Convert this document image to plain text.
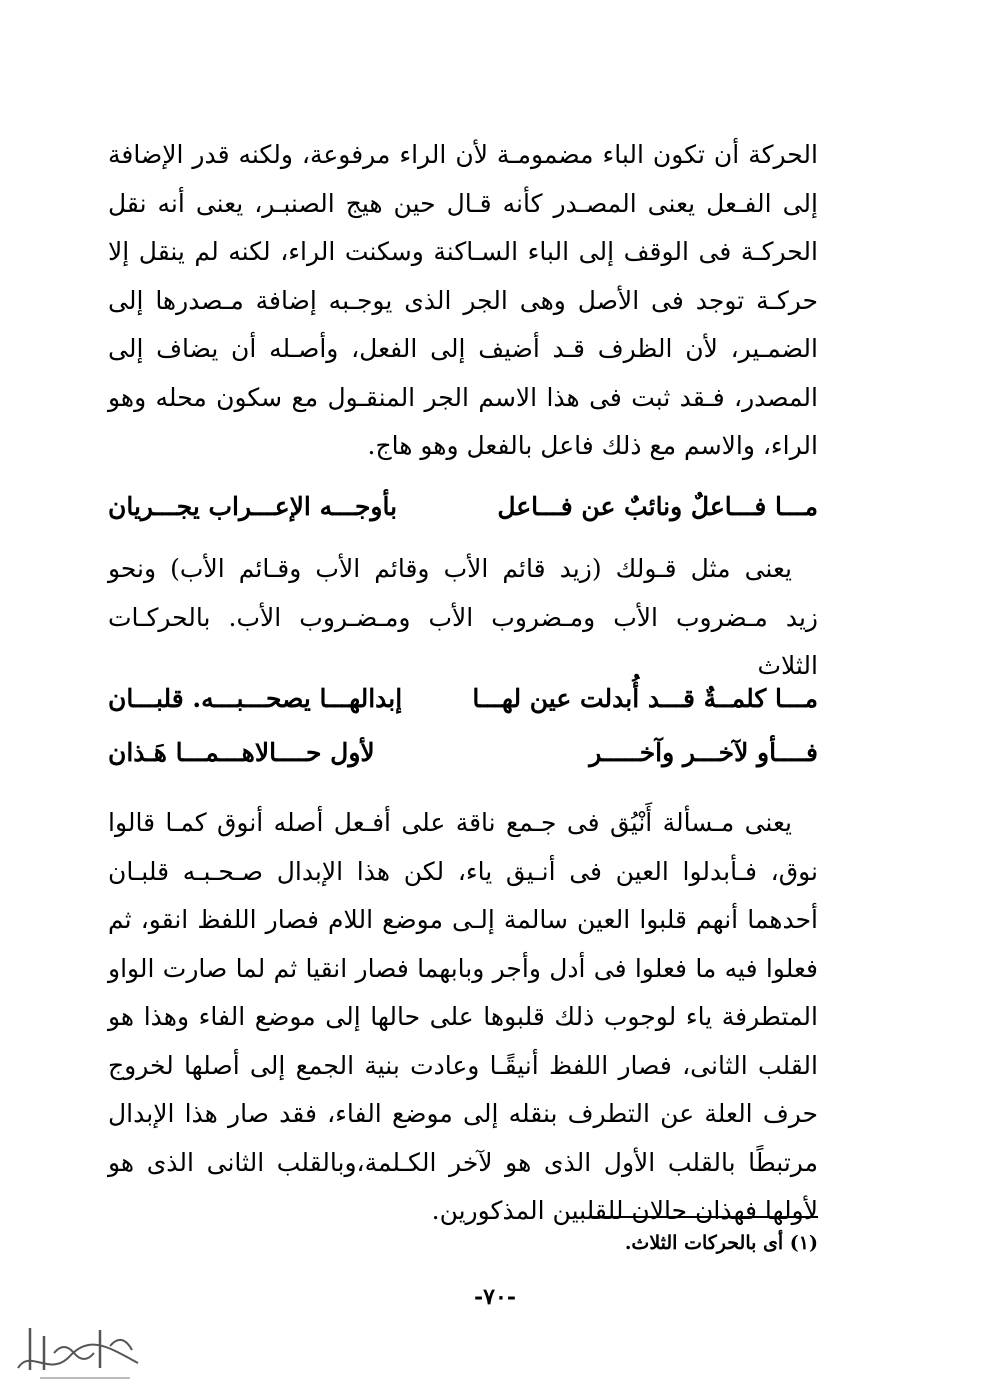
الحركة أن تكون الباء مضمومـة لأن الراء مرفوعة، ولكنه قدر الإضافة
إلى الفـعل يعنى المصـدر كأنه قـال حين هيج الصنبـر، يعنى أنه نقل
الحركـة فى الوقف إلى الباء السـاكنة وسكنت الراء، لكنه لم ينقل إلا
حركـة توجد فى الأصل وهى الجر الذى يوجـبه إضافة مـصدرها إلى
الضمـير، لأن الظرف قـد أضيف إلى الفعل، وأصـله أن يضاف إلى
المصدر، فـقد ثبت فى هذا الاسم الجر المنقـول مع سكون محله وهو
الراء، والاسم مع ذلك فاعل بالفعل وهو هاج.
مـــا فـــاعلٌ ونائبٌ عن فـــاعل
بأوجـــه الإعـــراب يجـــريان
يعنى مثل قـولك (زيد قائم الأب وقائم الأب وقـائم الأب) ونحو
زيد مـضروب الأب ومـضروب الأب ومـضـروب الأب. بالحركـات
الثلاث
مـــا كلمــةٌ قـــد أُبدلت عين لهـــا
إبدالهـــا يصحـــبـــه. قلبـــان
فــــأو لآخـــر وآخـــــر
لأول حــــالاهـــمـــا هَـذان
يعنى مـسألة أَنْيُق فى جـمع ناقة على أفـعل أصله أنوق كمـا قالوا
نوق، فـأبدلوا العين فى أنـيق ياء، لكن هذا الإبدال صـحـبـه قلبـان
أحدهما أنهم قلبوا العين سالمة إلـى موضع اللام فصار اللفظ انقو، ثم
فعلوا فيه ما فعلوا فى أدل وأجر وبابهما فصار انقيا ثم لما صارت الواو
المتطرفة ياء لوجوب ذلك قلبوها على حالها إلى موضع الفاء وهذا هو
القلب الثانى، فصار اللفظ أنيقًـا وعادت بنية الجمع إلى أصلها لخروج
حرف العلة عن التطرف بنقله إلى موضع الفاء، فقد صار هذا الإبدال
مرتبطًا بالقلب الأول الذى هو لآخر الكـلمة،وبالقلب الثانى الذى هو
لأولها فهذان حالان للقلبين المذكورين.
(١) أى بالحركات الثلاث.
-٧٠-
